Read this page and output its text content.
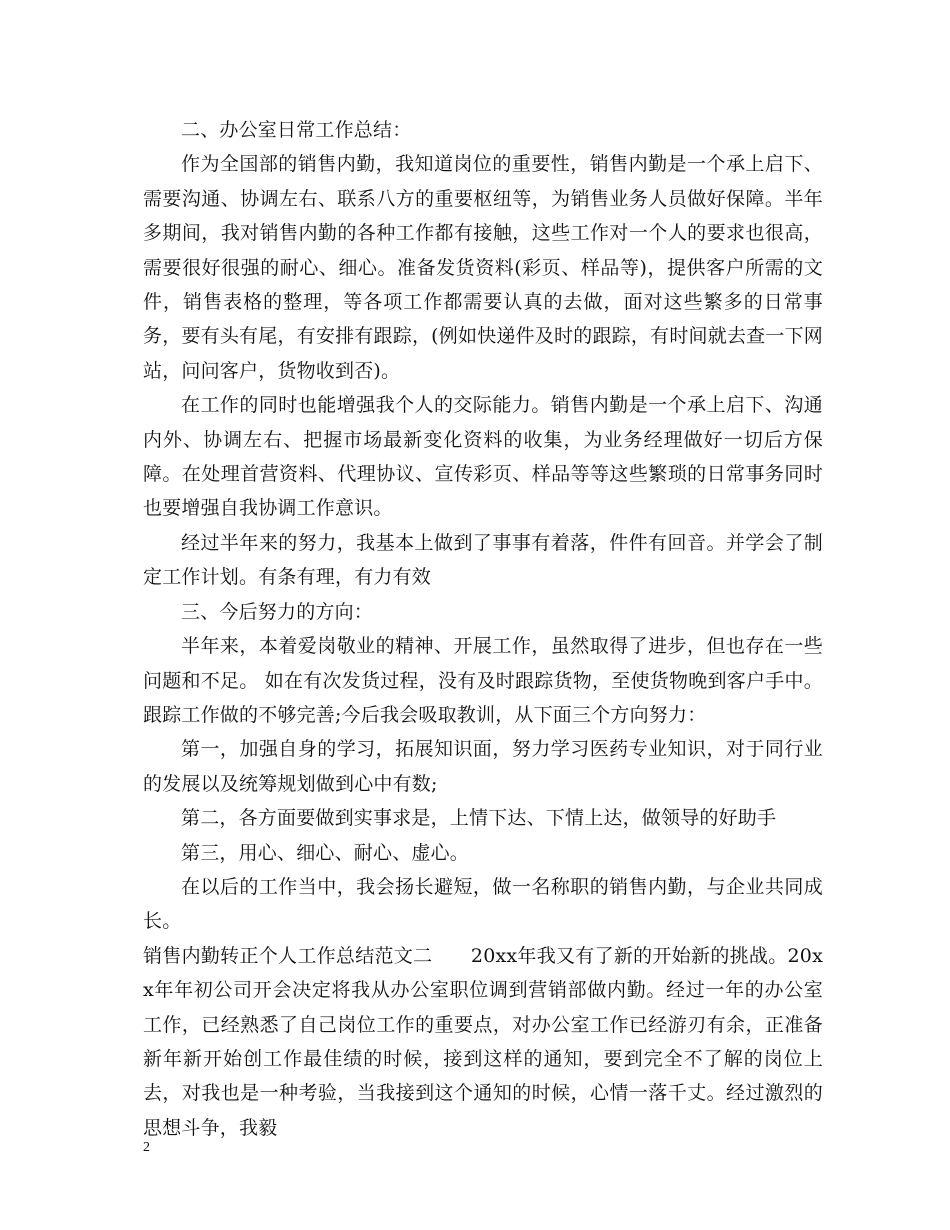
二、办公室日常工作总结：

作为全国部的销售内勤，我知道岗位的重要性，销售内勤是一个承上启下、需要沟通、协调左右、联系八方的重要枢纽等，为销售业务人员做好保障。半年多期间，我对销售内勤的各种工作都有接触，这些工作对一个人的要求也很高，需要很好很强的耐心、细心。准备发货资料(彩页、样品等)，提供客户所需的文件，销售表格的整理，等各项工作都需要认真的去做，面对这些繁多的日常事务，要有头有尾，有安排有跟踪，(例如快递件及时的跟踪，有时间就去查一下网站，问问客户，货物收到否)。

在工作的同时也能增强我个人的交际能力。销售内勤是一个承上启下、沟通内外、协调左右、把握市场最新变化资料的收集，为业务经理做好一切后方保障。在处理首营资料、代理协议、宣传彩页、样品等等这些繁琐的日常事务同时也要增强自我协调工作意识。

经过半年来的努力，我基本上做到了事事有着落，件件有回音。并学会了制定工作计划。有条有理，有力有效

三、今后努力的方向：

半年来，本着爱岗敬业的精神、开展工作，虽然取得了进步，但也存在一些问题和不足。 如在有次发货过程，没有及时跟踪货物，至使货物晚到客户手中。跟踪工作做的不够完善;今后我会吸取教训，从下面三个方向努力：

第一，加强自身的学习，拓展知识面，努力学习医药专业知识，对于同行业的发展以及统筹规划做到心中有数;

第二，各方面要做到实事求是，上情下达、下情上达，做领导的好助手

第三，用心、细心、耐心、虚心。

在以后的工作当中，我会扬长避短，做一名称职的销售内勤，与企业共同成长。

销售内勤转正个人工作总结范文二　　20xx年我又有了新的开始新的挑战。20xx年年初公司开会决定将我从办公室职位调到营销部做内勤。经过一年的办公室工作，已经熟悉了自己岗位工作的重要点，对办公室工作已经游刃有余，正准备新年新开始创工作最佳绩的时候，接到这样的通知，要到完全不了解的岗位上去，对我也是一种考验，当我接到这个通知的时候，心情一落千丈。经过激烈的思想斗争，我毅

2
